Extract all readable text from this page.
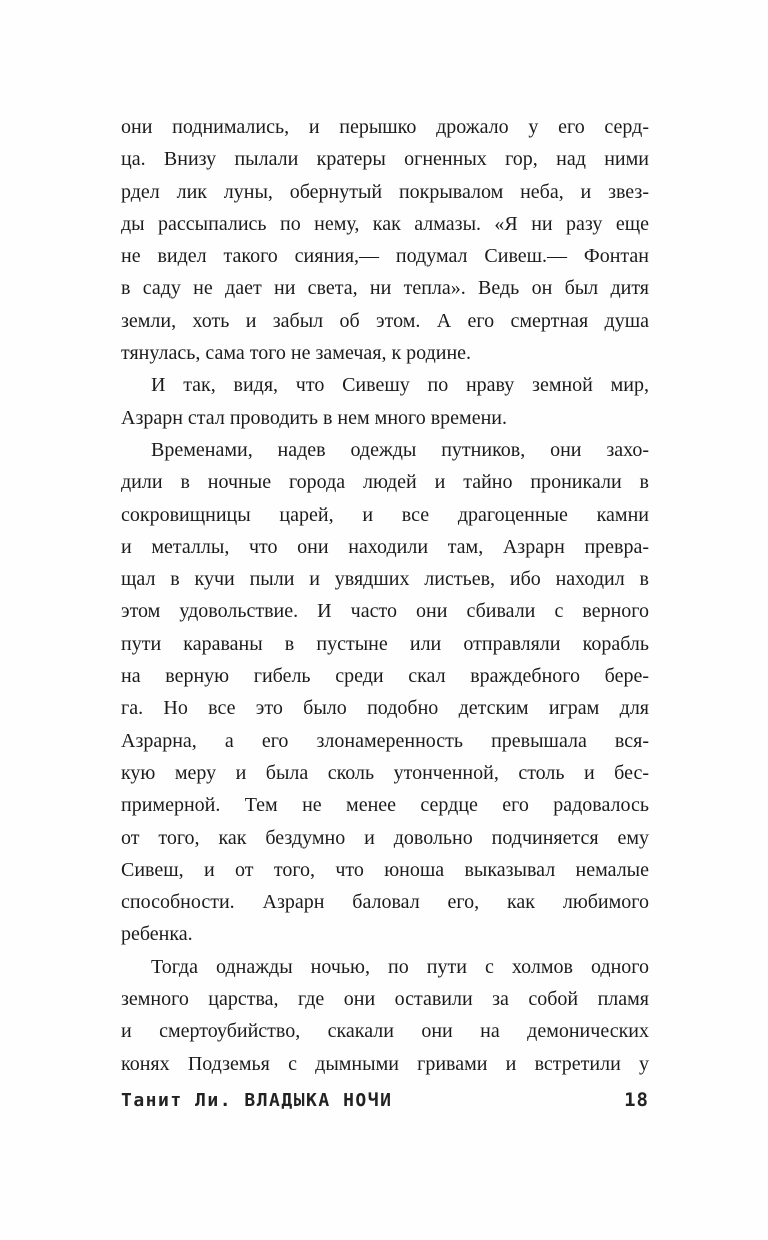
они поднимались, и перышко дрожало у его серд-
ца. Внизу пылали кратеры огненных гор, над ними
рдел лик луны, обернутый покрывалом неба, и звез-
ды рассыпались по нему, как алмазы. «Я ни разу еще
не видел такого сияния,— подумал Сивеш.— Фонтан
в саду не дает ни света, ни тепла». Ведь он был дитя
земли, хоть и забыл об этом. А его смертная душа
тянулась, сама того не замечая, к родине.
И так, видя, что Сивешу по нраву земной мир,
Азрарн стал проводить в нем много времени.
Временами, надев одежды путников, они захо-
дили в ночные города людей и тайно проникали в
сокровищницы царей, и все драгоценные камни
и металлы, что они находили там, Азрарн превра-
щал в кучи пыли и увядших листьев, ибо находил в
этом удовольствие. И часто они сбивали с верного
пути караваны в пустыне или отправляли корабль
на верную гибель среди скал враждебного бере-
га. Но все это было подобно детским играм для
Азрарна, а его злонамеренность превышала вся-
кую меру и была сколь утонченной, столь и бес-
примерной. Тем не менее сердце его радовалось
от того, как бездумно и довольно подчиняется ему
Сивеш, и от того, что юноша выказывал немалые
способности. Азрарн баловал его, как любимого
ребенка.
Тогда однажды ночью, по пути с холмов одного
земного царства, где они оставили за собой пламя
и смертоубийство, скакали они на демонических
конях Подземья с дымными гривами и встретили у
Танит Ли. ВЛАДЫКА НОЧИ	18
